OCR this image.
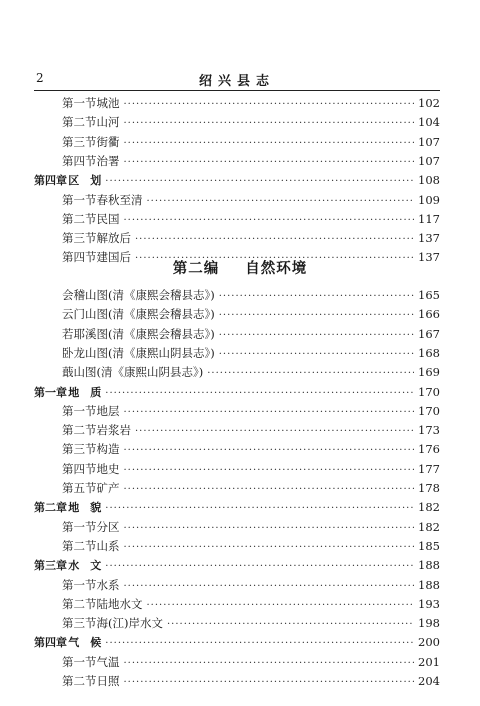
2	绍兴县志
第一节 城池 ·····	102
第二节 山河 ·····	104
第三节 街衢 ·····	107
第四节 治署 ·····	107
第四章 区　划 ·····	108
第一节 春秋至清 ·····	109
第二节 民国 ·····	117
第三节 解放后 ·····	137
第四节 建国后 ·····	137
第二编 自然环境
会稽山图(清《康熙会稽县志》) ·····	165
云门山图(清《康熙会稽县志》) ·····	166
若耶溪图(清《康熙会稽县志》) ·····	167
卧龙山图(清《康熙山阴县志》) ·····	168
蕺山图(清《康熙山阴县志》) ·····	169
第一章 地　质 ·····	170
第一节 地层 ·····	170
第二节 岩浆岩 ·····	173
第三节 构造 ·····	176
第四节 地史 ·····	177
第五节 矿产 ·····	178
第二章 地　貌 ·····	182
第一节 分区 ·····	182
第二节 山系 ·····	185
第三章 水　文 ·····	188
第一节 水系 ·····	188
第二节 陆地水文 ·····	193
第三节 海(江)岸水文 ·····	198
第四章 气　候 ·····	200
第一节 气温 ·····	201
第二节 日照 ·····	204
